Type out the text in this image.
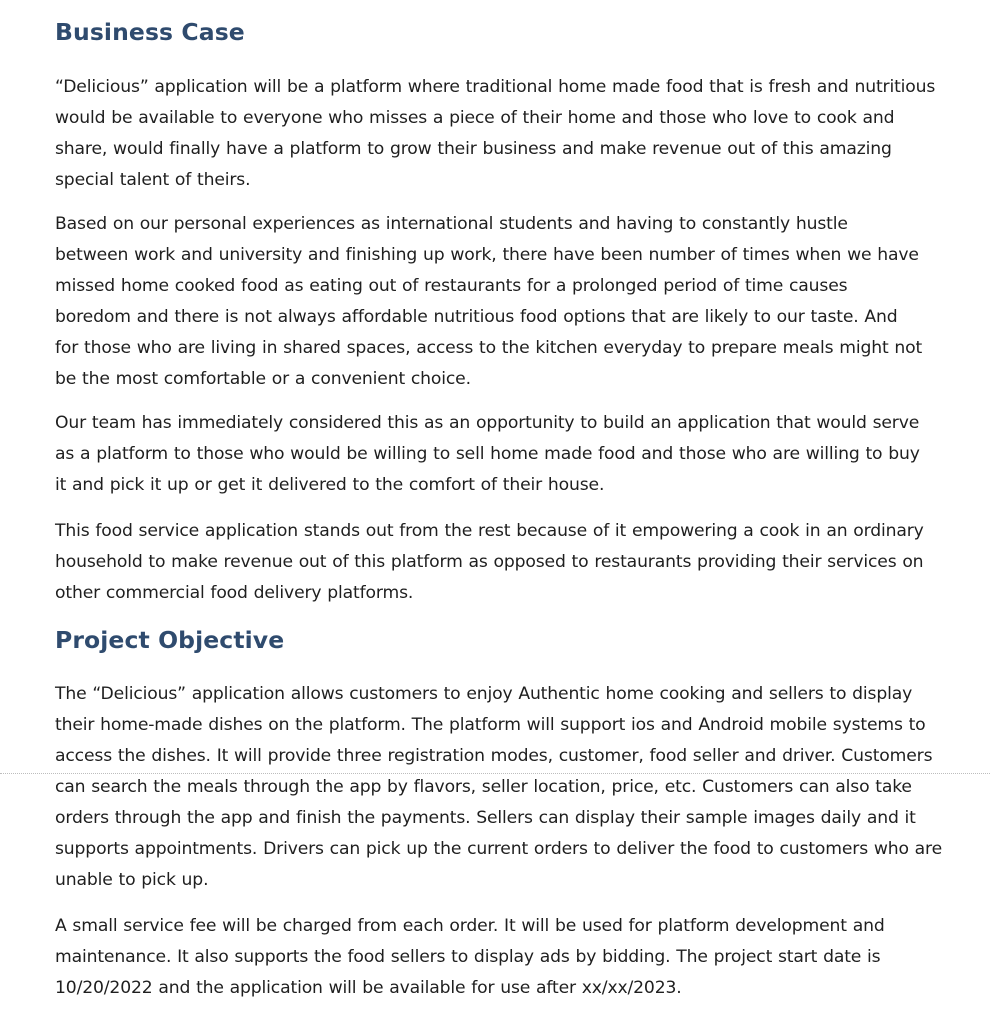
Business Case

“Delicious” application will be a platform where traditional home made food that is fresh and nutritious would be available to everyone who misses a piece of their home and those who love to cook and share, would finally have a platform to grow their business and make revenue out of this amazing special talent of theirs.

Based on our personal experiences as international students and having to constantly hustle between work and university and finishing up work, there have been number of times when we have missed home cooked food as eating out of restaurants for a prolonged period of time causes boredom and there is not always affordable nutritious food options that are likely to our taste. And for those who are living in shared spaces, access to the kitchen everyday to prepare meals might not be the most comfortable or a convenient choice.

Our team has immediately considered this as an opportunity to build an application that would serve as a platform to those who would be willing to sell home made food and those who are willing to buy it and pick it up or get it delivered to the comfort of their house.

This food service application stands out from the rest because of it empowering a cook in an ordinary household to make revenue out of this platform as opposed to restaurants providing their services on other commercial food delivery platforms.

Project Objective

The “Delicious” application allows customers to enjoy Authentic home cooking and sellers to display their home-made dishes on the platform. The platform will support ios and Android mobile systems to access the dishes. It will provide three registration modes, customer, food seller and driver. Customers can search the meals through the app by flavors, seller location, price, etc. Customers can also take orders through the app and finish the payments. Sellers can display their sample images daily and it supports appointments. Drivers can pick up the current orders to deliver the food to customers who are unable to pick up.

A small service fee will be charged from each order. It will be used for platform development and maintenance. It also supports the food sellers to display ads by bidding. The project start date is 10/20/2022 and the application will be available for use after xx/xx/2023.
